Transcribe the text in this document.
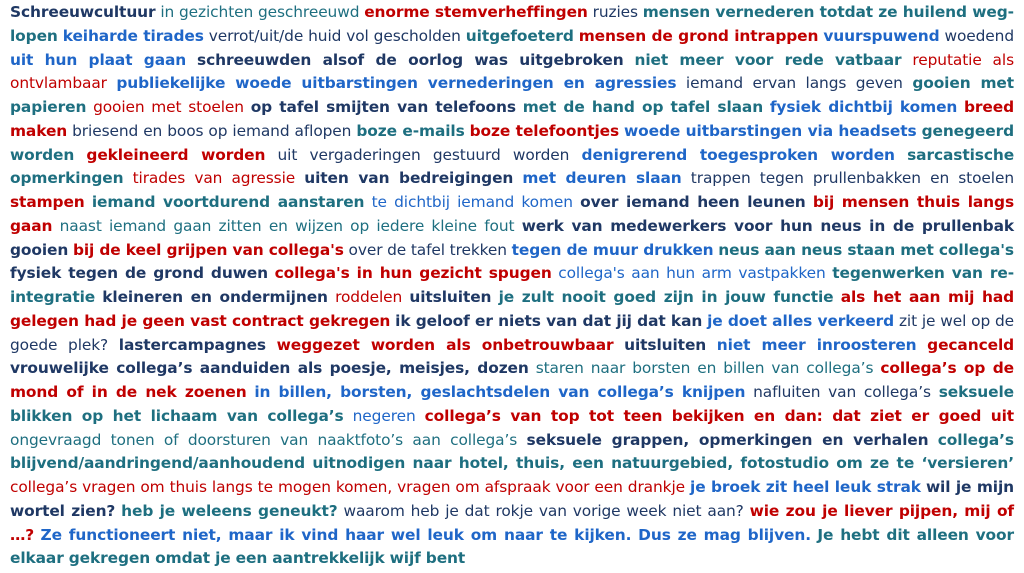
Schreeuwcultuur in gezichten geschreeuwd enorme stemverheffingen ruzies mensen vernederen totdat ze huilend weglopen keiharde tirades verrot/uit/de huid vol gescholden uitgefoeterd mensen de grond intrappen vuurspuwend woedend uit hun plaat gaan schreeuwden alsof de oorlog was uitgebroken niet meer voor rede vatbaar reputatie als ontvlambaar publiekelijke woede uitbarstingen vernederingen en agressies iemand ervan langs geven gooien met papieren gooien met stoelen op tafel smijten van telefoons met de hand op tafel slaan fysiek dichtbij komen breed maken briesend en boos op iemand aflopen boze e-mails boze telefoontjes woede uitbarstingen via headsets genegeerd worden gekleineerd worden uit vergaderingen gestuurd worden denigrerend toegesproken worden sarcastische opmerkingen tirades van agressie uiten van bedreigingen met deuren slaan trappen tegen prullenbakken en stoelen stampen iemand voortdurend aanstaren te dichtbij iemand komen over iemand heen leunen bij mensen thuis langs gaan naast iemand gaan zitten en wijzen op iedere kleine fout werk van medewerkers voor hun neus in de prullenbak gooien bij de keel grijpen van collega's over de tafel trekken tegen de muur drukken neus aan neus staan met collega's fysiek tegen de grond duwen collega's in hun gezicht spugen collega's aan hun arm vastpakken tegenwerken van re-integratie kleineren en ondermijnen roddelen uitsluiten je zult nooit goed zijn in jouw functie als het aan mij had gelegen had je geen vast contract gekregen ik geloof er niets van dat jij dat kan je doet alles verkeerd zit je wel op de goede plek? lastercampagnes weggezet worden als onbetrouwbaar uitsluiten niet meer inroosteren gecanceld vrouwelijke collega’s aanduiden als poesje, meisjes, dozen staren naar borsten en billen van collega’s collega’s op de mond of in de nek zoenen in billen, borsten, geslachtsdelen van collega’s knijpen nafluiten van collega’s seksuele blikken op het lichaam van collega’s negeren collega’s van top tot teen bekijken en dan: dat ziet er goed uit ongevraagd tonen of doorsturen van naaktfoto’s aan collega’s seksuele grappen, opmerkingen en verhalen collega’s blijvend/aandringend/aanhoudend uitnodigen naar hotel, thuis, een natuurgebied, fotostudio om ze te ‘versieren’ collega’s vragen om thuis langs te mogen komen, vragen om afspraak voor een drankje je broek zit heel leuk strak wil je mijn wortel zien? heb je weleens geneukt? waarom heb je dat rokje van vorige week niet aan? wie zou je liever pijpen, mij of …? Ze functioneert niet, maar ik vind haar wel leuk om naar te kijken. Dus ze mag blijven. Je hebt dit alleen voor elkaar gekregen omdat je een aantrekkelijk wijf bent
